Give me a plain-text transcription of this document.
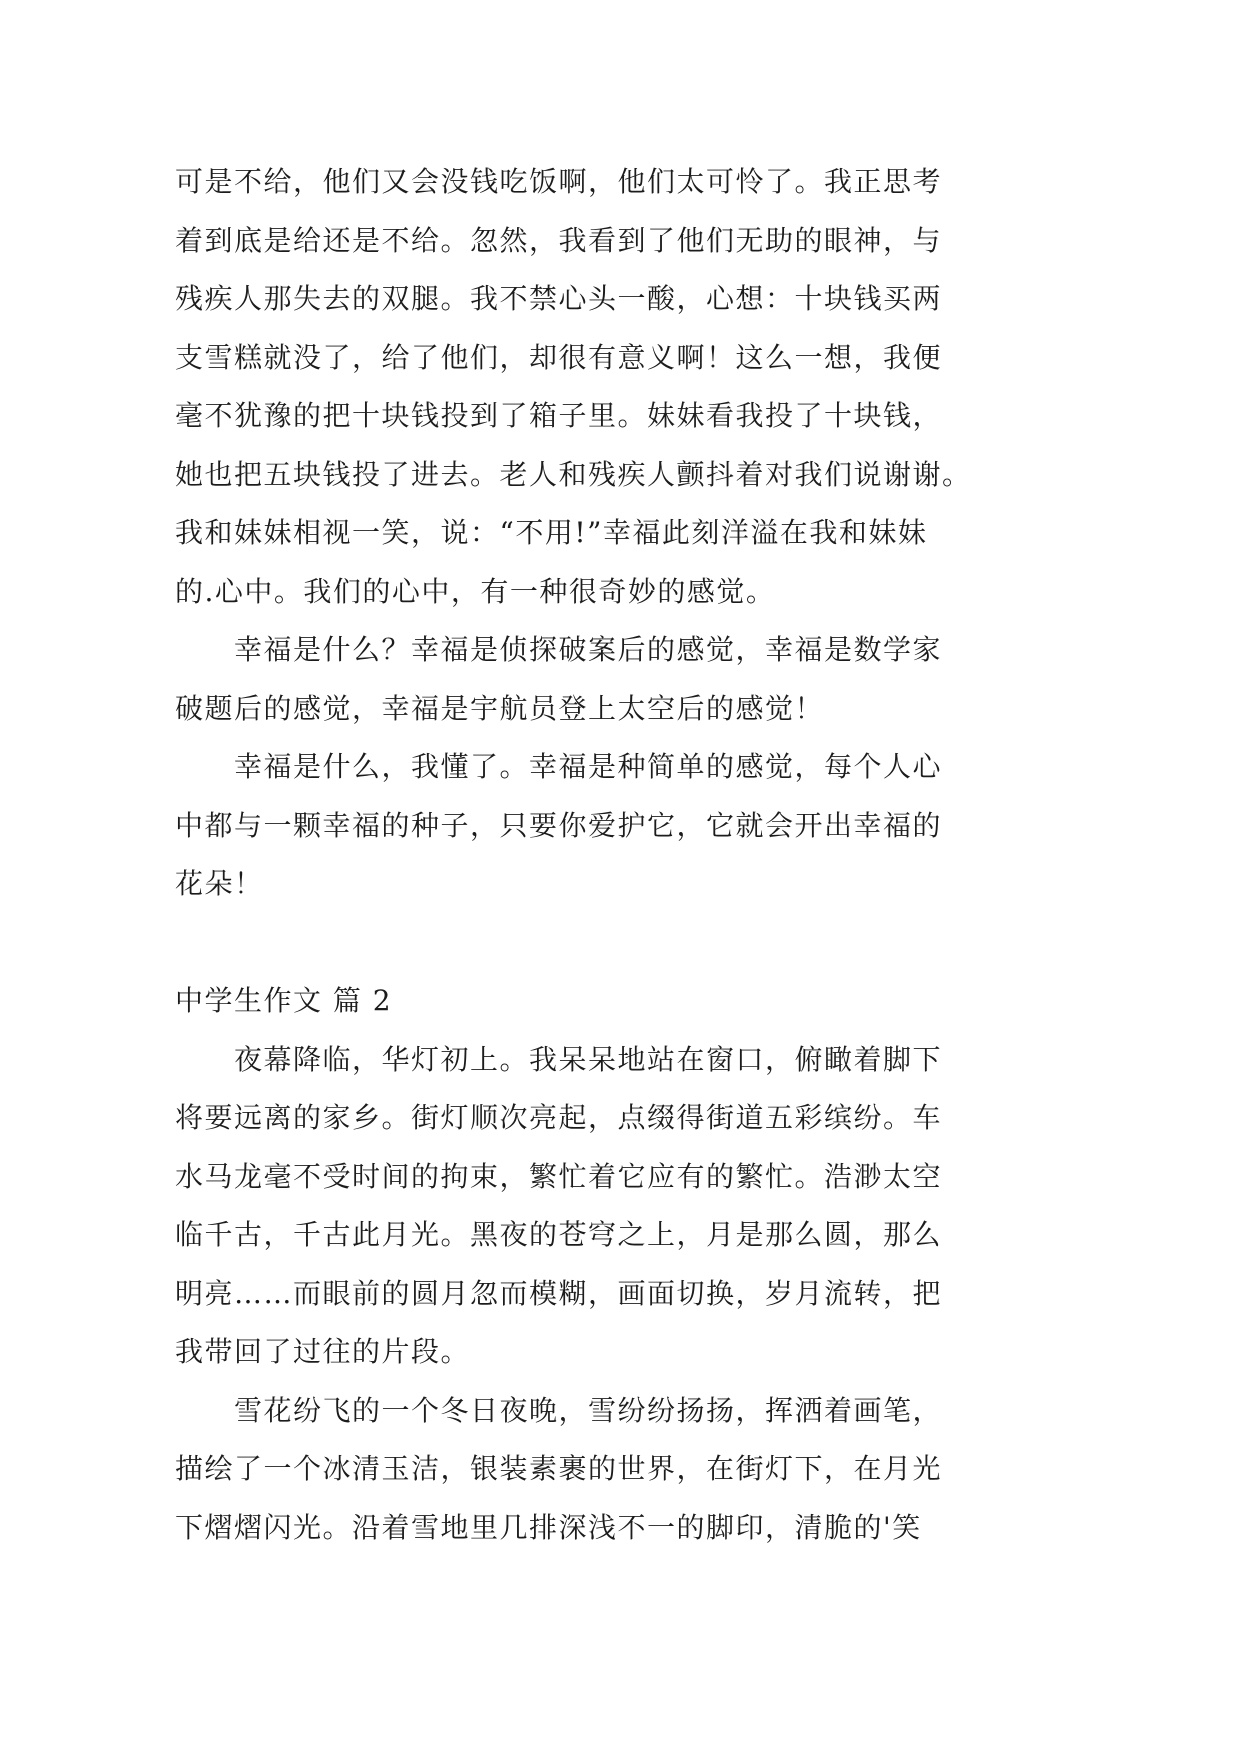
可是不给，他们又会没钱吃饭啊，他们太可怜了。我正思考
着到底是给还是不给。忽然，我看到了他们无助的眼神，与
残疾人那失去的双腿。我不禁心头一酸，心想：十块钱买两
支雪糕就没了，给了他们，却很有意义啊！这么一想，我便
毫不犹豫的把十块钱投到了箱子里。妹妹看我投了十块钱，
她也把五块钱投了进去。老人和残疾人颤抖着对我们说谢谢。
我和妹妹相视一笑，说：“不用!”幸福此刻洋溢在我和妹妹
的.心中。我们的心中，有一种很奇妙的感觉。
幸福是什么？幸福是侦探破案后的感觉，幸福是数学家
破题后的感觉，幸福是宇航员登上太空后的感觉！
幸福是什么，我懂了。幸福是种简单的感觉，每个人心
中都与一颗幸福的种子，只要你爱护它，它就会开出幸福的
花朵！
中学生作文 篇 2
夜幕降临，华灯初上。我呆呆地站在窗口，俯瞰着脚下
将要远离的家乡。街灯顺次亮起，点缀得街道五彩缤纷。车
水马龙毫不受时间的拘束，繁忙着它应有的繁忙。浩渺太空
临千古，千古此月光。黑夜的苍穹之上，月是那么圆，那么
明亮……而眼前的圆月忽而模糊，画面切换，岁月流转，把
我带回了过往的片段。
雪花纷飞的一个冬日夜晚，雪纷纷扬扬，挥洒着画笔，
描绘了一个冰清玉洁，银装素裹的世界，在街灯下，在月光
下熠熠闪光。沿着雪地里几排深浅不一的脚印，清脆的'笑
